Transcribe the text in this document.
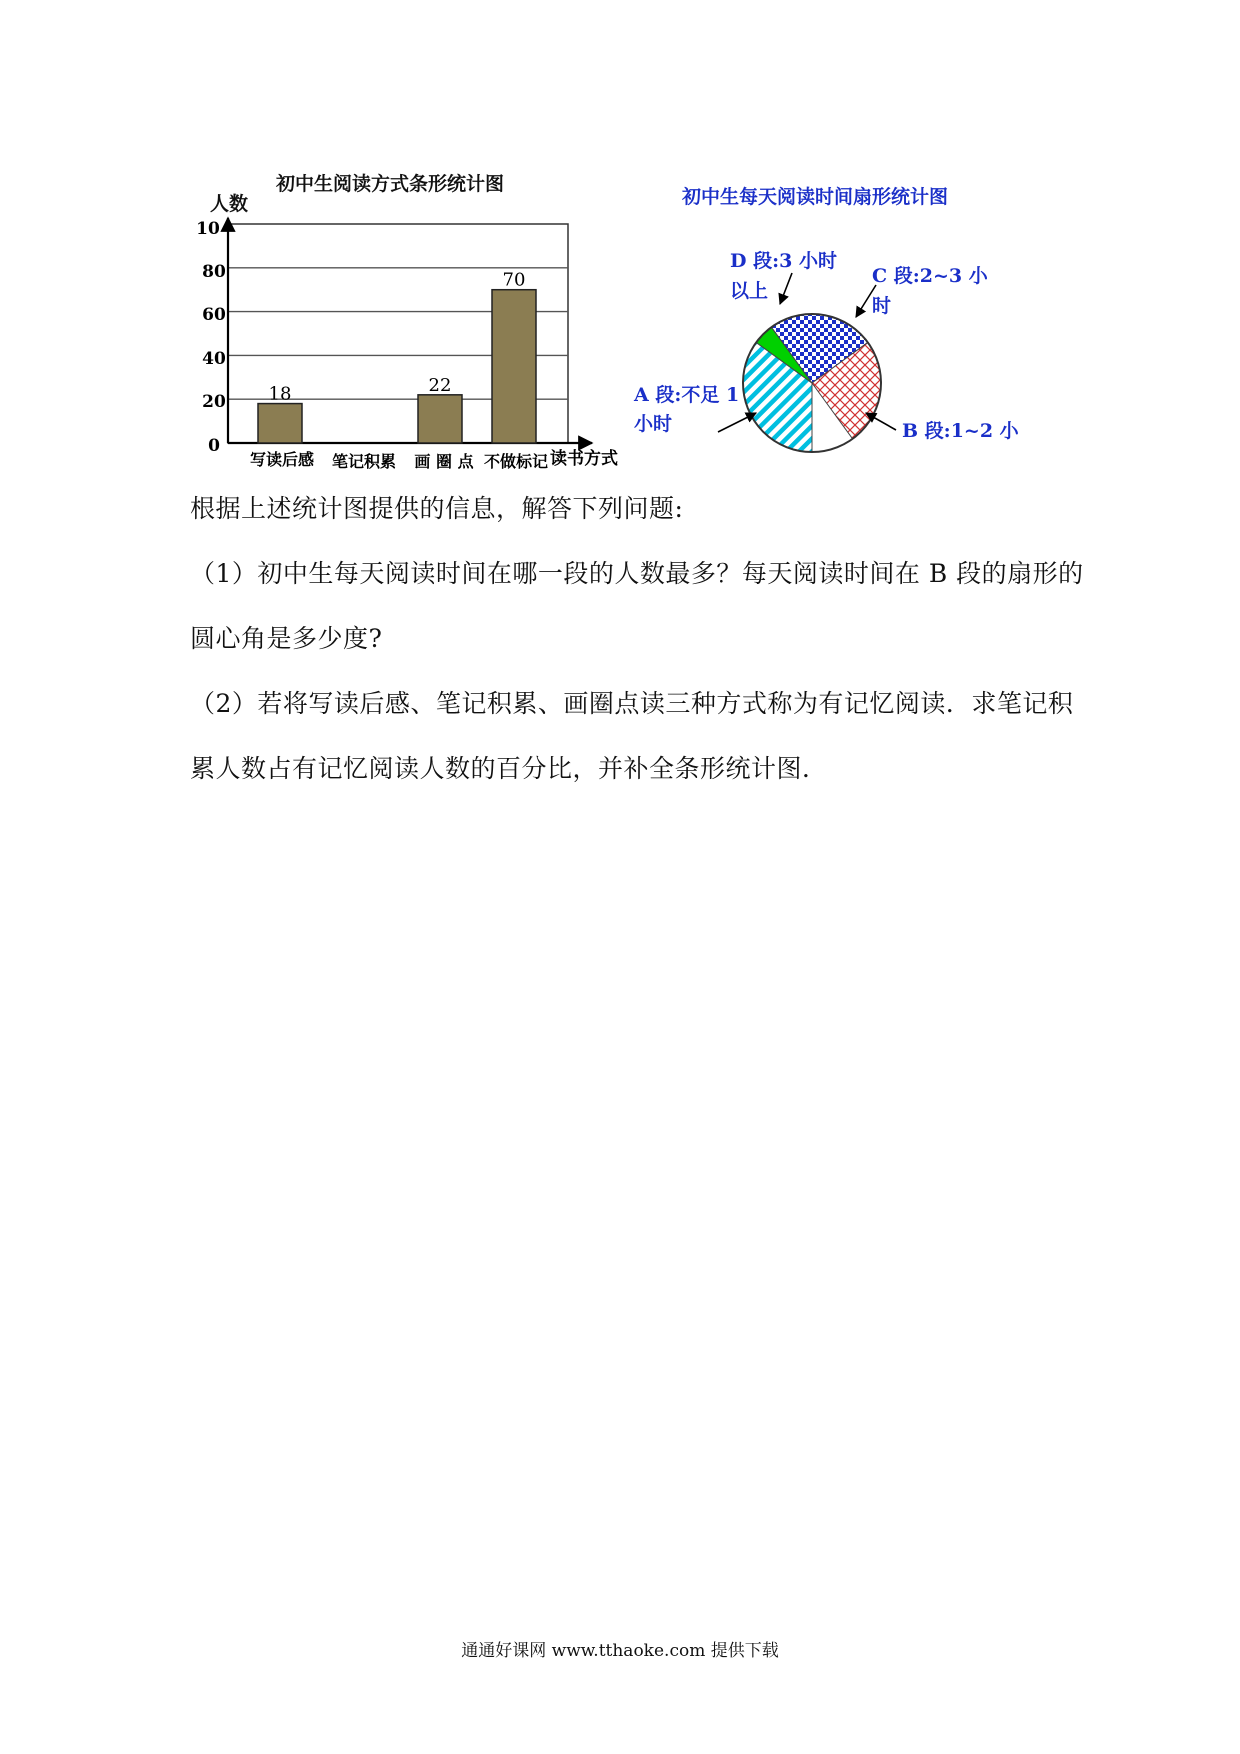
初中生阅读方式条形统计图
人数
0
20
40
60
80
10
18	22
70
写读后感 笔记积累 画 圈 点 不做标记 读书方式
初中生每天阅读时间扇形统计图
D 段:3 小时
以上
C 段:2~3 小
时
A 段:不足 1
小时	B 段:1~2 小
根据上述统计图提供的信息，解答下列问题:
（1）初中生每天阅读时间在哪一段的人数最多？每天阅读时间在 B 段的扇形的
圆心角是多少度?
（2）若将写读后感、笔记积累、画圈点读三种方式称为有记忆阅读．求笔记积
累人数占有记忆阅读人数的百分比，并补全条形统计图．
通通好课网 www.tthaoke.com 提供下载
